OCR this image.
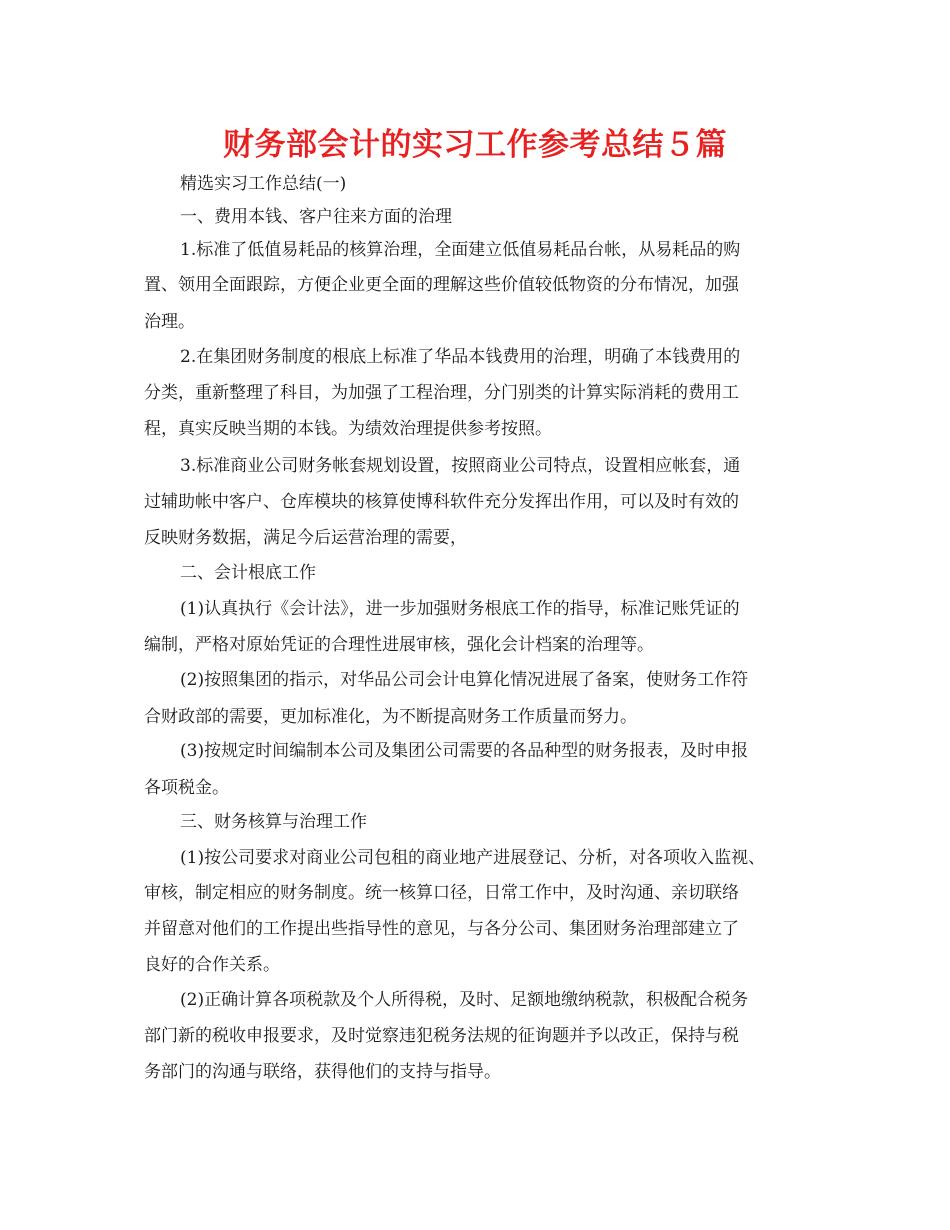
财务部会计的实习工作参考总结５篇

精选实习工作总结(一)

一、费用本钱、客户往来方面的治理

1.标准了低值易耗品的核算治理，全面建立低值易耗品台帐，从易耗品的购

置、领用全面跟踪，方便企业更全面的理解这些价值较低物资的分布情况，加强

治理。

2.在集团财务制度的根底上标准了华品本钱费用的治理，明确了本钱费用的

分类，重新整理了科目，为加强了工程治理，分门别类的计算实际消耗的费用工

程，真实反映当期的本钱。为绩效治理提供参考按照。

3.标准商业公司财务帐套规划设置，按照商业公司特点，设置相应帐套，通

过辅助帐中客户、仓库模块的核算使博科软件充分发挥出作用，可以及时有效的

反映财务数据，满足今后运营治理的需要，

二、会计根底工作

(1)认真执行《会计法》，进一步加强财务根底工作的指导，标准记账凭证的

编制，严格对原始凭证的合理性进展审核，强化会计档案的治理等。

(2)按照集团的指示，对华品公司会计电算化情况进展了备案，使财务工作符

合财政部的需要，更加标准化，为不断提高财务工作质量而努力。

(3)按规定时间编制本公司及集团公司需要的各品种型的财务报表，及时申报

各项税金。

三、财务核算与治理工作

(1)按公司要求对商业公司包租的商业地产进展登记、分析，对各项收入监视、

审核，制定相应的财务制度。统一核算口径，日常工作中，及时沟通、亲切联络

并留意对他们的工作提出些指导性的意见，与各分公司、集团财务治理部建立了

良好的合作关系。

(2)正确计算各项税款及个人所得税，及时、足额地缴纳税款，积极配合税务

部门新的税收申报要求，及时觉察违犯税务法规的征询题并予以改正，保持与税

务部门的沟通与联络，获得他们的支持与指导。
